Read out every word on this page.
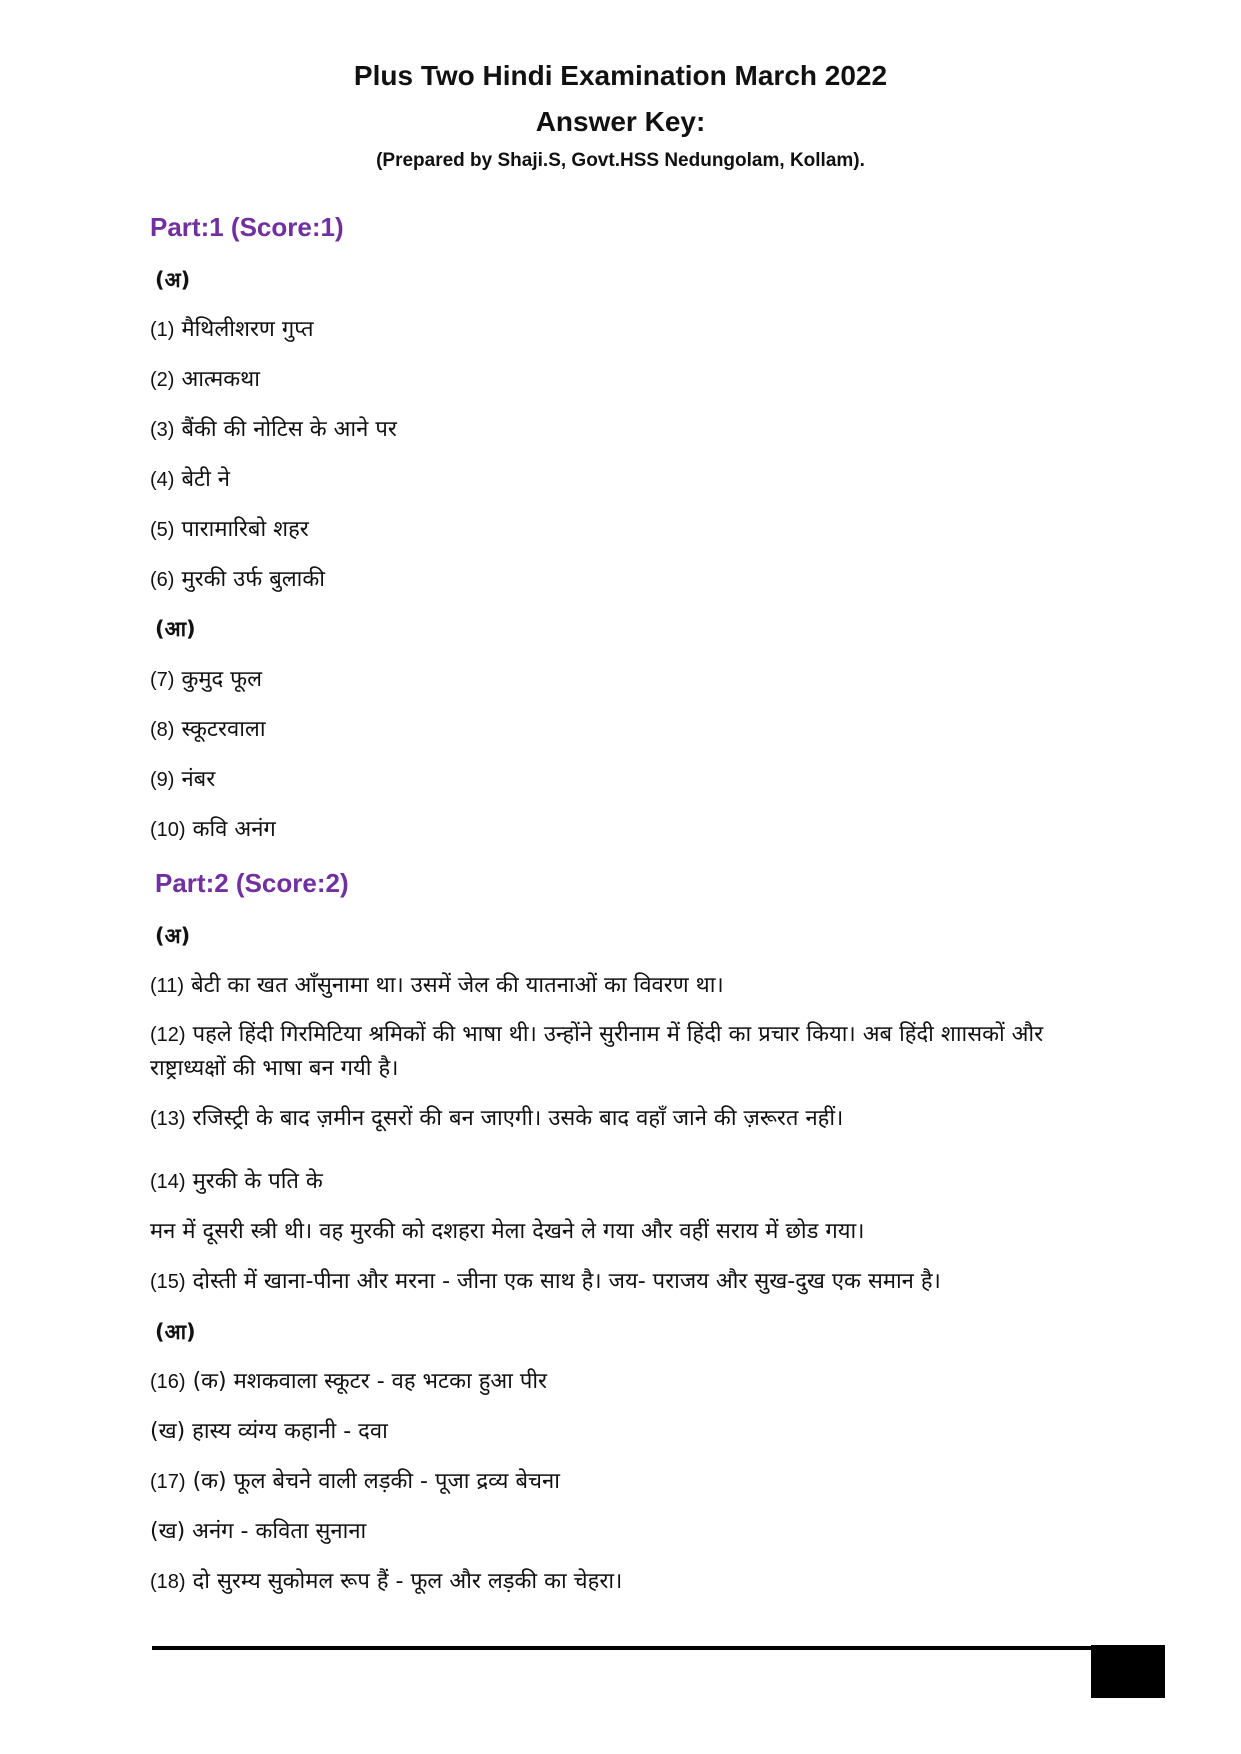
Plus Two Hindi Examination March 2022
Answer Key:

(Prepared by Shaji.S, Govt.HSS Nedungolam, Kollam).

Part:1 (Score:1)

(अ)

(1) मैथिलीशरण गुप्त

(2) आत्मकथा

(3) बैंकी की नोटिस के आने पर

(4) बेटी ने

(5) पारामारिबो शहर

(6) मुरकी उर्फ बुलाकी

(आ)

(7) कुमुद फूल

(8) स्कूटरवाला

(9) नंबर

(10) कवि अनंग

Part:2 (Score:2)

(अ)

(11) बेटी का खत आँसुनामा था। उसमें जेल की यातनाओं का विवरण था।

(12) पहले हिंदी गिरमिटिया श्रमिकों की भाषा थी। उन्होंने सुरीनाम में हिंदी का प्रचार किया। अब हिंदी शाासकों और राष्ट्राध्यक्षों की भाषा बन गयी है।

(13) रजिस्ट्री के बाद ज़मीन दूसरों की बन जाएगी। उसके बाद वहाँ जाने की ज़रूरत नहीं।

(14) मुरकी के पति के

मन में दूसरी स्त्री थी। वह मुरकी को दशहरा मेला देखने ले गया और वहीं सराय में छोड गया।

(15) दोस्ती में खाना-पीना और मरना - जीना एक साथ है। जय- पराजय और सुख-दुख एक समान है।

(आ)

(16) (क) मशकवाला स्कूटर - वह भटका हुआ पीर

(ख) हास्य व्यंग्य कहानी - दवा

(17) (क) फूल बेचने वाली लड़की - पूजा द्रव्य बेचना

(ख) अनंग - कविता सुनाना

(18) दो सुरम्य सुकोमल रूप हैं - फूल और लड़की का चेहरा।
